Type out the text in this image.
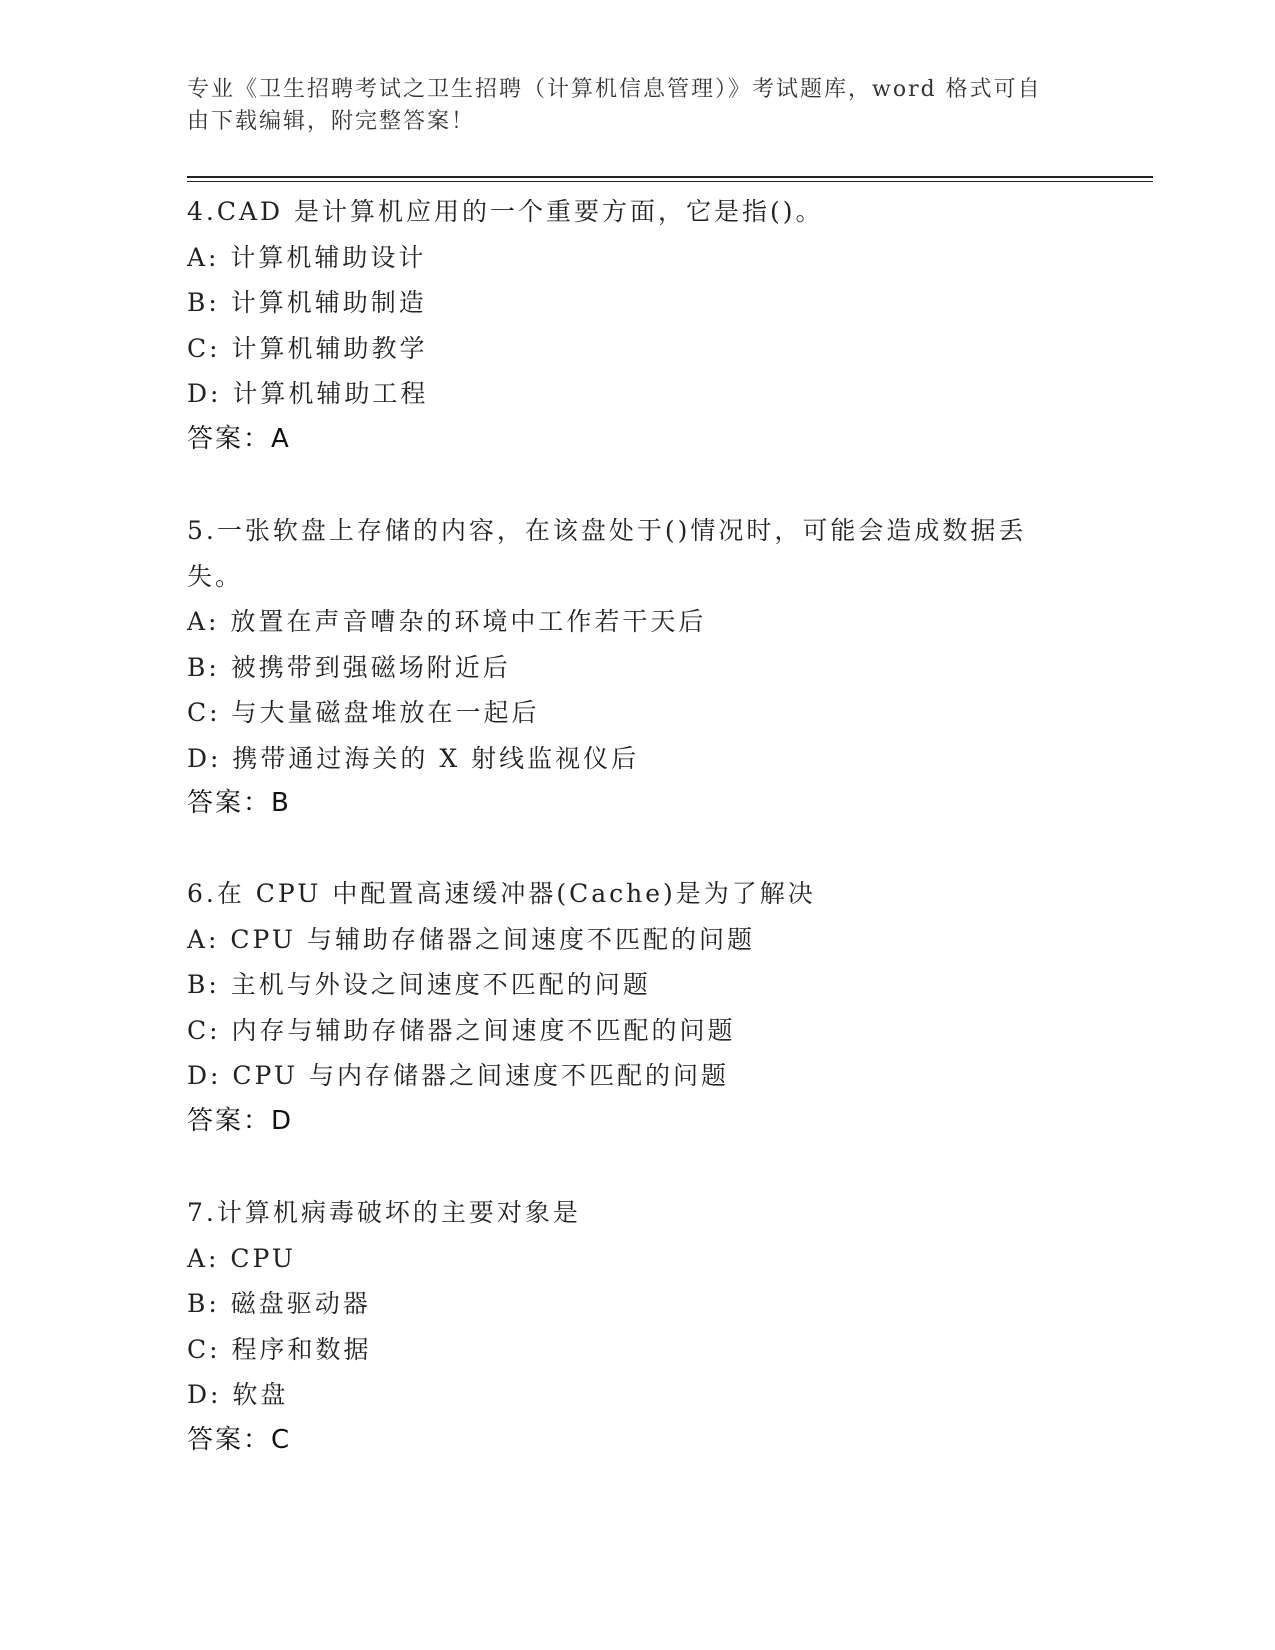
专业《卫生招聘考试之卫生招聘（计算机信息管理）》考试题库，word 格式可自
由下载编辑，附完整答案！
4.CAD 是计算机应用的一个重要方面，它是指()。
A: 计算机辅助设计
B: 计算机辅助制造
C: 计算机辅助教学
D: 计算机辅助工程
答案：A
5.一张软盘上存储的内容，在该盘处于()情况时，可能会造成数据丢失。
A: 放置在声音嘈杂的环境中工作若干天后
B: 被携带到强磁场附近后
C: 与大量磁盘堆放在一起后
D: 携带通过海关的 X 射线监视仪后
答案：B
6.在 CPU 中配置高速缓冲器(Cache)是为了解决
A: CPU 与辅助存储器之间速度不匹配的问题
B: 主机与外设之间速度不匹配的问题
C: 内存与辅助存储器之间速度不匹配的问题
D: CPU 与内存储器之间速度不匹配的问题
答案：D
7.计算机病毒破坏的主要对象是
A: CPU
B: 磁盘驱动器
C: 程序和数据
D: 软盘
答案：C
